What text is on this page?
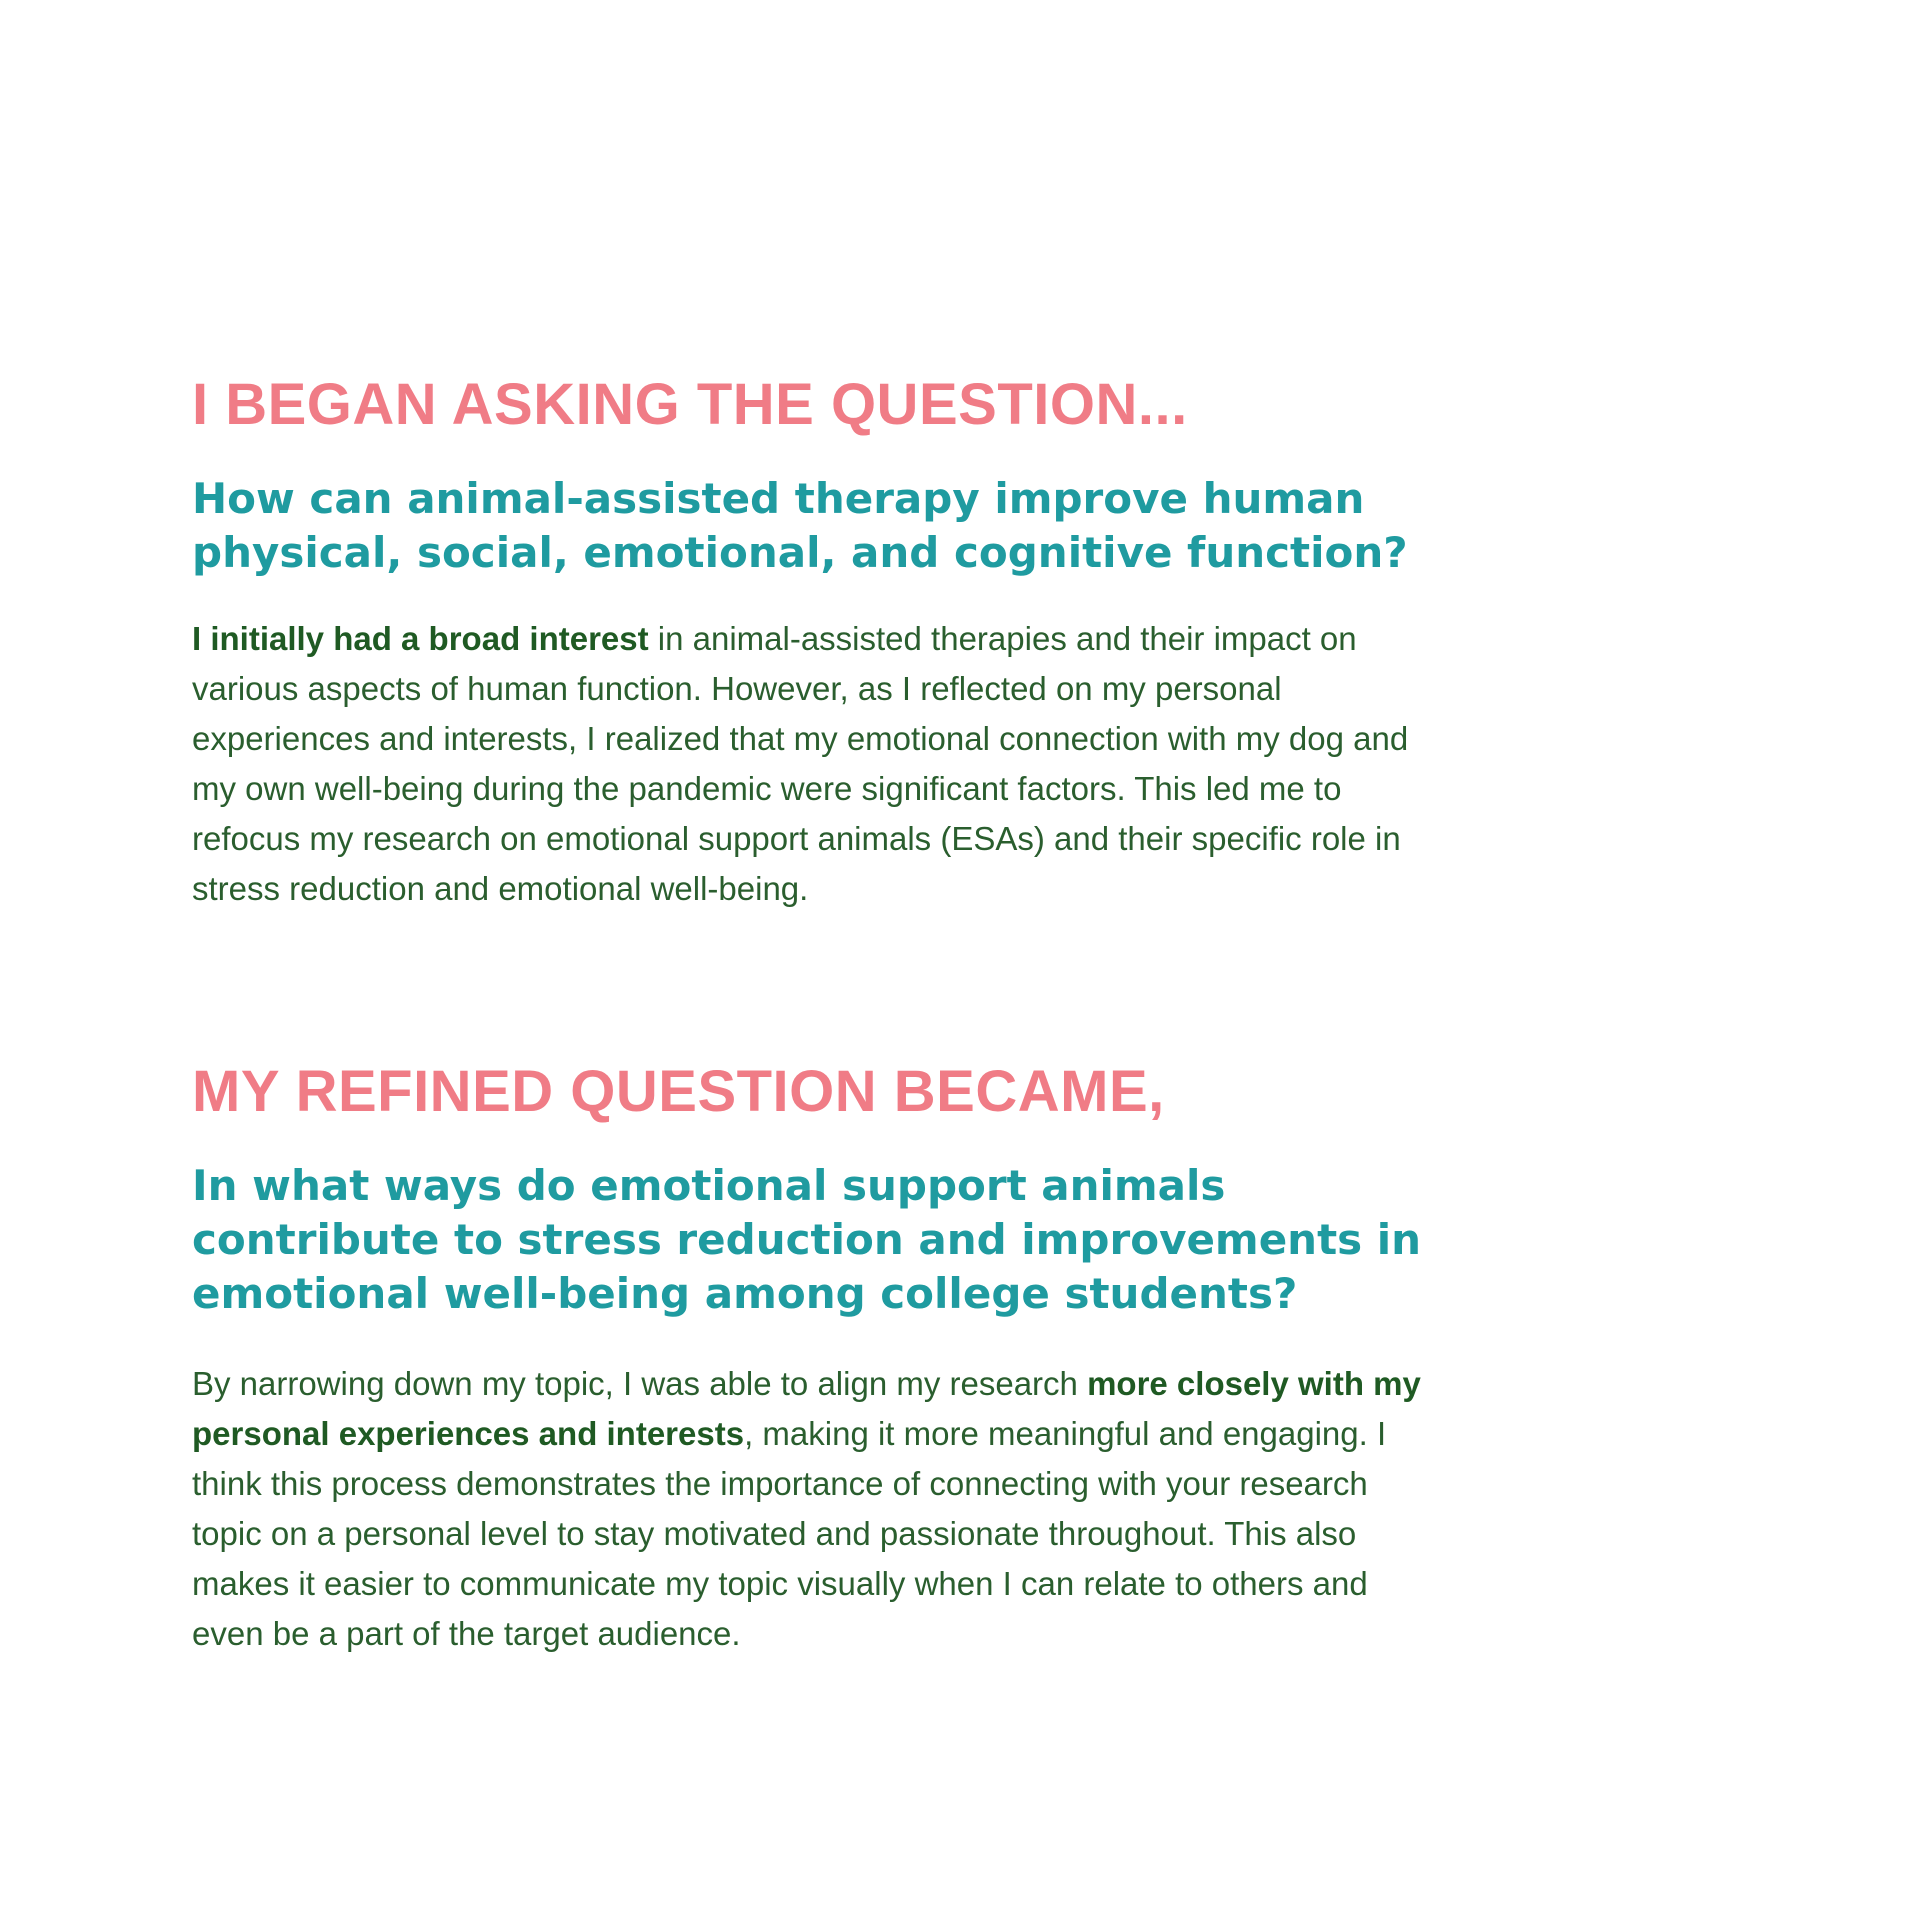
I BEGAN ASKING THE QUESTION...
How can animal-assisted therapy improve human physical, social, emotional, and cognitive function?

I initially had a broad interest in animal-assisted therapies and their impact on various aspects of human function. However, as I reflected on my personal experiences and interests, I realized that my emotional connection with my dog and my own well-being during the pandemic were significant factors. This led me to refocus my research on emotional support animals (ESAs) and their specific role in stress reduction and emotional well-being.

MY REFINED QUESTION BECAME,
In what ways do emotional support animals contribute to stress reduction and improvements in emotional well-being among college students?

By narrowing down my topic, I was able to align my research more closely with my personal experiences and interests, making it more meaningful and engaging. I think this process demonstrates the importance of connecting with your research topic on a personal level to stay motivated and passionate throughout. This also makes it easier to communicate my topic visually when I can relate to others and even be a part of the target audience.
